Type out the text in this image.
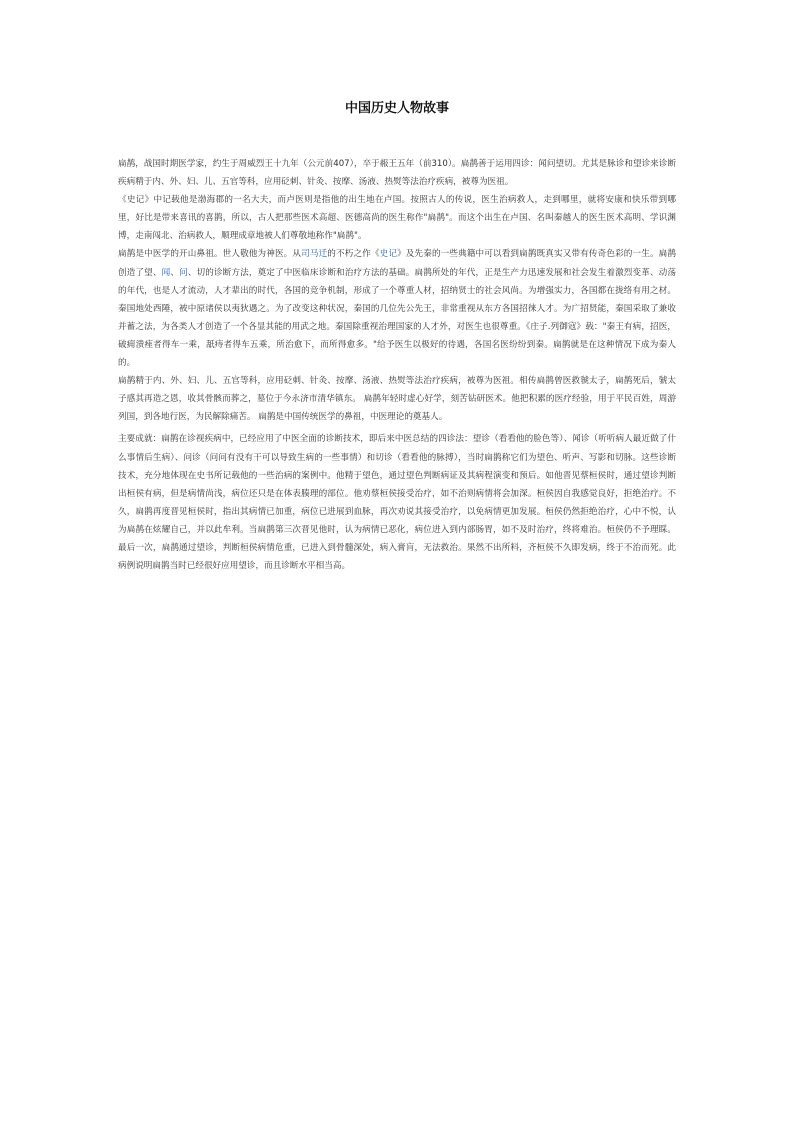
中国历史人物故事

扁鹊，战国时期医学家，约生于周威烈王十九年（公元前407），卒于赧王五年（前310）。扁鹊善于运用四诊：闻问望切。尤其是脉诊和望诊来诊断疾病精于内、外、妇、儿、五官等科，应用砭刺、针灸、按摩、汤液、热熨等法治疗疾病，被尊为医祖。

《史记》中记载他是渤海郡的一名大夫，而卢医则是指他的出生地在卢国。按照古人的传说，医生治病救人，走到哪里，就将安康和快乐带到哪里，好比是带来喜讯的喜鹊，所以，古人把那些医术高超、医德高尚的医生称作"扁鹊"。而这个出生在卢国、名叫秦越人的医生医术高明、学识渊博，走南闯北、治病救人，顺理成章地被人们尊敬地称作"扁鹊"。

扁鹊是中医学的开山鼻祖。世人敬他为神医。从司马迁的不朽之作《史记》及先秦的一些典籍中可以看到扁鹊既真实又带有传奇色彩的一生。扁鹊创造了望、闻、问、切的诊断方法，奠定了中医临床诊断和治疗方法的基础。扁鹊所处的年代，正是生产力迅速发展和社会发生着激烈变革、动荡的年代，也是人才流动，人才辈出的时代，各国的竞争机制，形成了一个尊重人材，招纳贤士的社会风尚。为增强实力，各国都在拢络有用之材。秦国地处西陲，被中原诸侯以夷狄遇之。为了改变这种状况，秦国的几位先公先王，非常重视从东方各国招徕人才。为广招贤能，秦国采取了兼收并蓄之法，为各类人才创造了一个各显其能的用武之地。秦国除重视治理国家的人才外，对医生也很尊重。《庄子.列御寇》载："秦王有病，招医，破痈溃痤者得车一乘，舐痔者得车五乘，所治愈下，而所得愈多。"给予医生以极好的待遇，各国名医纷纷到秦。扁鹊就是在这种情况下成为秦人的。

扁鹊精于内、外、妇、儿、五官等科，应用砭刺、针灸、按摩、汤液、热熨等法治疗疾病，被尊为医祖。相传扁鹊曾医救虢太子，扁鹊死后，虢太子感其再造之恩，收其骨骸而葬之，墓位于今永济市清华镇东。 扁鹊年轻时虚心好学，刻苦钻研医术。他把积累的医疗经验，用于平民百姓，周游列国，到各地行医，为民解除痛苦。 扁鹊是中国传统医学的鼻祖，中医理论的奠基人。

主要成就：扁鹊在诊视疾病中，已经应用了中医全面的诊断技术，即后来中医总结的四诊法：望诊（看看他的脸色等）、闻诊（听听病人最近做了什么事情后生病）、问诊（问问有没有干可以导致生病的一些事情）和切诊（看看他的脉搏），当时扁鹊称它们为望色、听声、写影和切脉。这些诊断技术，充分地体现在史书所记载他的一些治病的案例中。他精于望色，通过望色判断病证及其病程演变和预后。如他晋见蔡桓侯时，通过望诊判断出桓侯有病，但是病情尚浅，病位还只是在体表腠理的部位。他劝蔡桓侯接受治疗，如不治则病情将会加深。桓侯因自我感觉良好，拒绝治疗。不久，扁鹊再度晋见桓侯时，指出其病情已加重，病位已进展到血脉，再次劝说其接受治疗，以免病情更加发展。桓侯仍然拒绝治疗，心中不悦，认为扁鹊在炫耀自己，并以此牟利。当扁鹊第三次晋见他时，认为病情已恶化，病位进入到内部肠胃，如不及时治疗，终将难治。桓侯仍不予理睬。最后一次，扁鹊通过望诊，判断桓侯病情危重，已进入到骨髓深处，病入膏肓，无法救治。果然不出所料，齐桓侯不久即发病，终于不治而死。此病例说明扁鹊当时已经很好应用望诊，而且诊断水平相当高。
